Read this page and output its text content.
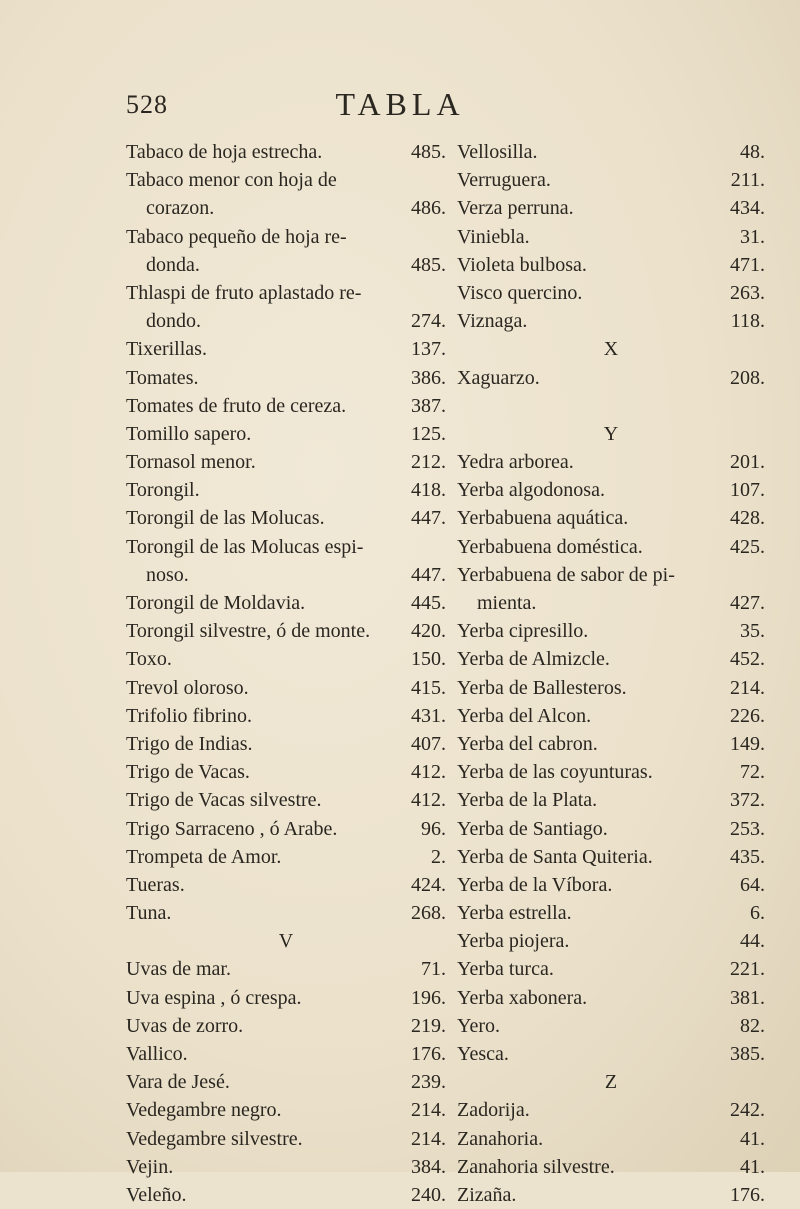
528	TABLA
Tabaco de hoja estrecha.	485.
Tabaco menor con hoja de
corazon.	486.
Tabaco pequeño de hoja re-
donda.	485.
Thlaspi de fruto aplastado re-
dondo.	274.
Tixerillas.	137.
Tomates.	386.
Tomates de fruto de cereza.	387.
Tomillo sapero.	125.
Tornasol menor.	212.
Torongil.	418.
Torongil de las Molucas.	447.
Torongil de las Molucas espi-
noso.	447.
Torongil de Moldavia.	445.
Torongil silvestre, ó de monte. 420.
Toxo.	150.
Trevol oloroso.	415.
Trifolio fibrino.	431.
Trigo de Indias.	407.
Trigo de Vacas.	412.
Trigo de Vacas silvestre.	412.
Trigo Sarraceno , ó Arabe.	96.
Trompeta de Amor.	2.
Tueras.	424.
Tuna.	268.
V
Uvas de mar.	71.
Uva espina , ó crespa.	196.
Uvas de zorro.	219.
Vallico.	176.
Vara de Jesé.	239.
Vedegambre negro.	214.
Vedegambre silvestre.	214.
Vejin.	384.
Veleño.	240.
Vellosilla.	48.
Verruguera.	211.
Verza perruna.	434.
Viniebla.	31.
Violeta bulbosa.	471.
Visco quercino.	263.
Viznaga.	118.
X
Xaguarzo.	208.
Y
Yedra arborea.	201.
Yerba algodonosa.	107.
Yerbabuena aquática.	428.
Yerbabuena doméstica.	425.
Yerbabuena de sabor de pi-
mienta.	427.
Yerba cipresillo.	35.
Yerba de Almizcle.	452.
Yerba de Ballesteros.	214.
Yerba del Alcon.	226.
Yerba del cabron.	149.
Yerba de las coyunturas.	72.
Yerba de la Plata.	372.
Yerba de Santiago.	253.
Yerba de Santa Quiteria.	435.
Yerba de la Víbora.	64.
Yerba estrella.	6.
Yerba piojera.	44.
Yerba turca.	221.
Yerba xabonera.	381.
Yero.	82.
Yesca.	385.
Z
Zadorija.	242.
Zanahoria.	41.
Zanahoria silvestre.	41.
Zizaña.	176.
